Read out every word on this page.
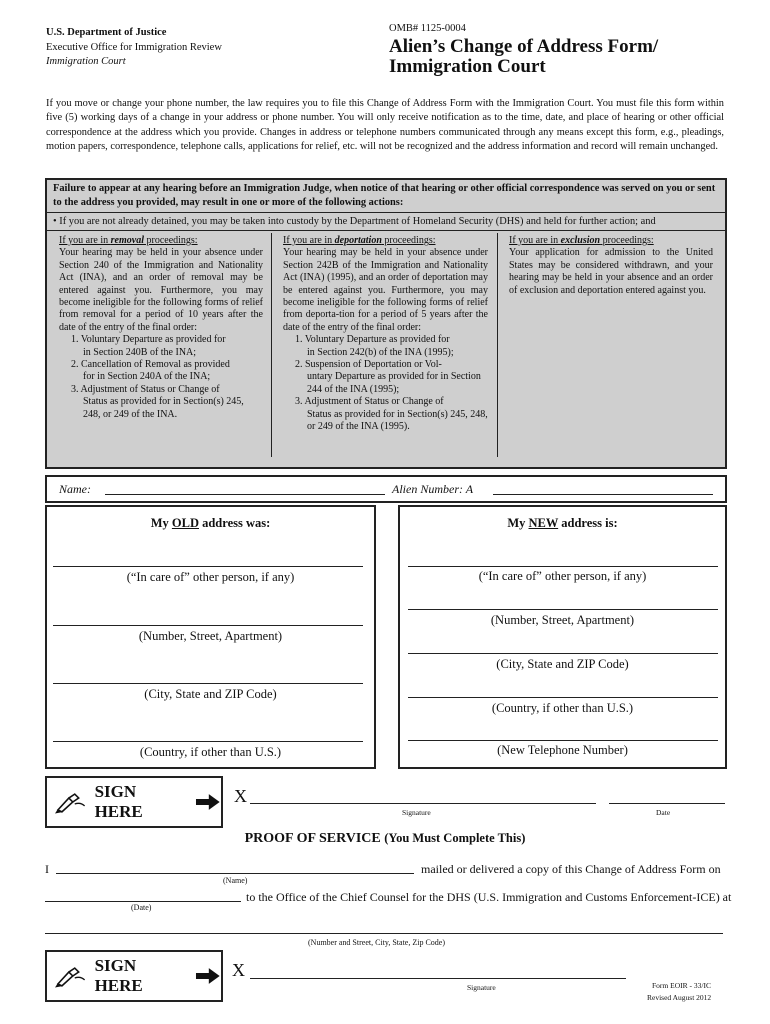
U.S. Department of Justice
Executive Office for Immigration Review
Immigration Court
OMB# 1125-0004
Alien’s Change of Address Form/
Immigration Court
If you move or change your phone number, the law requires you to file this Change of Address Form with the Immigration Court. You must file this form within five (5) working days of a change in your address or phone number. You will only receive notification as to the time, date, and place of hearing or other official correspondence at the address which you provide. Changes in address or telephone numbers communicated through any means except this form, e.g., pleadings, motion papers, correspondence, telephone calls, applications for relief, etc. will not be recognized and the address information and record will remain unchanged.
Failure to appear at any hearing before an Immigration Judge, when notice of that hearing or other official correspondence was served on you or sent to the address you provided, may result in one or more of the following actions:
• If you are not already detained, you may be taken into custody by the Department of Homeland Security (DHS) and held for further action; and
If you are in removal proceedings:
Your hearing may be held in your absence under Section 240 of the Immigration and Nationality Act (INA), and an order of removal may be entered against you. Furthermore, you may become ineligible for the following forms of relief from removal for a period of 10 years after the date of the entry of the final order:
1. Voluntary Departure as provided for
in Section 240B of the INA;
2. Cancellation of Removal as provided
for in Section 240A of the INA;
3. Adjustment of Status or Change of
Status as provided for in Section(s) 245, 248, or 249 of the INA.
If you are in deportation proceedings:
Your hearing may be held in your absence under Section 242B of the Immigration and Nationality Act (INA) (1995), and an order of deportation may be entered against you. Furthermore, you may become ineligible for the following forms of relief from deporta-tion for a period of 5 years after the date of the entry of the final order:
1. Voluntary Departure as provided for
in Section 242(b) of the INA (1995);
2. Suspension of Deportation or Vol-
untary Departure as provided for in Section 244 of the INA (1995);
3. Adjustment of Status or Change of
Status as provided for in Section(s) 245, 248, or 249 of the INA (1995).
If you are in exclusion proceedings:
Your application for admission to the United States may be considered withdrawn, and your hearing may be held in your absence and an order of exclusion and deportation entered against you.
Name:	Alien Number: A
My OLD address was:
(“In care of” other person, if any)
(Number, Street, Apartment)
(City, State and ZIP Code)
(Country, if other than U.S.)
My NEW address is:
(“In care of” other person, if any)
(Number, Street, Apartment)
(City, State and ZIP Code)
(Country, if other than U.S.)
(New Telephone Number)
SIGN HERE
X
Signature	Date
PROOF OF SERVICE (You Must Complete This)
I	mailed or delivered a copy of this Change of Address Form on
(Name)
to the Office of the Chief Counsel for the DHS (U.S. Immigration and Customs Enforcement-ICE) at
(Date)
(Number and Street, City, State, Zip Code)
SIGN HERE
X
Signature	Form EOIR - 33/IC
Revised August 2012
